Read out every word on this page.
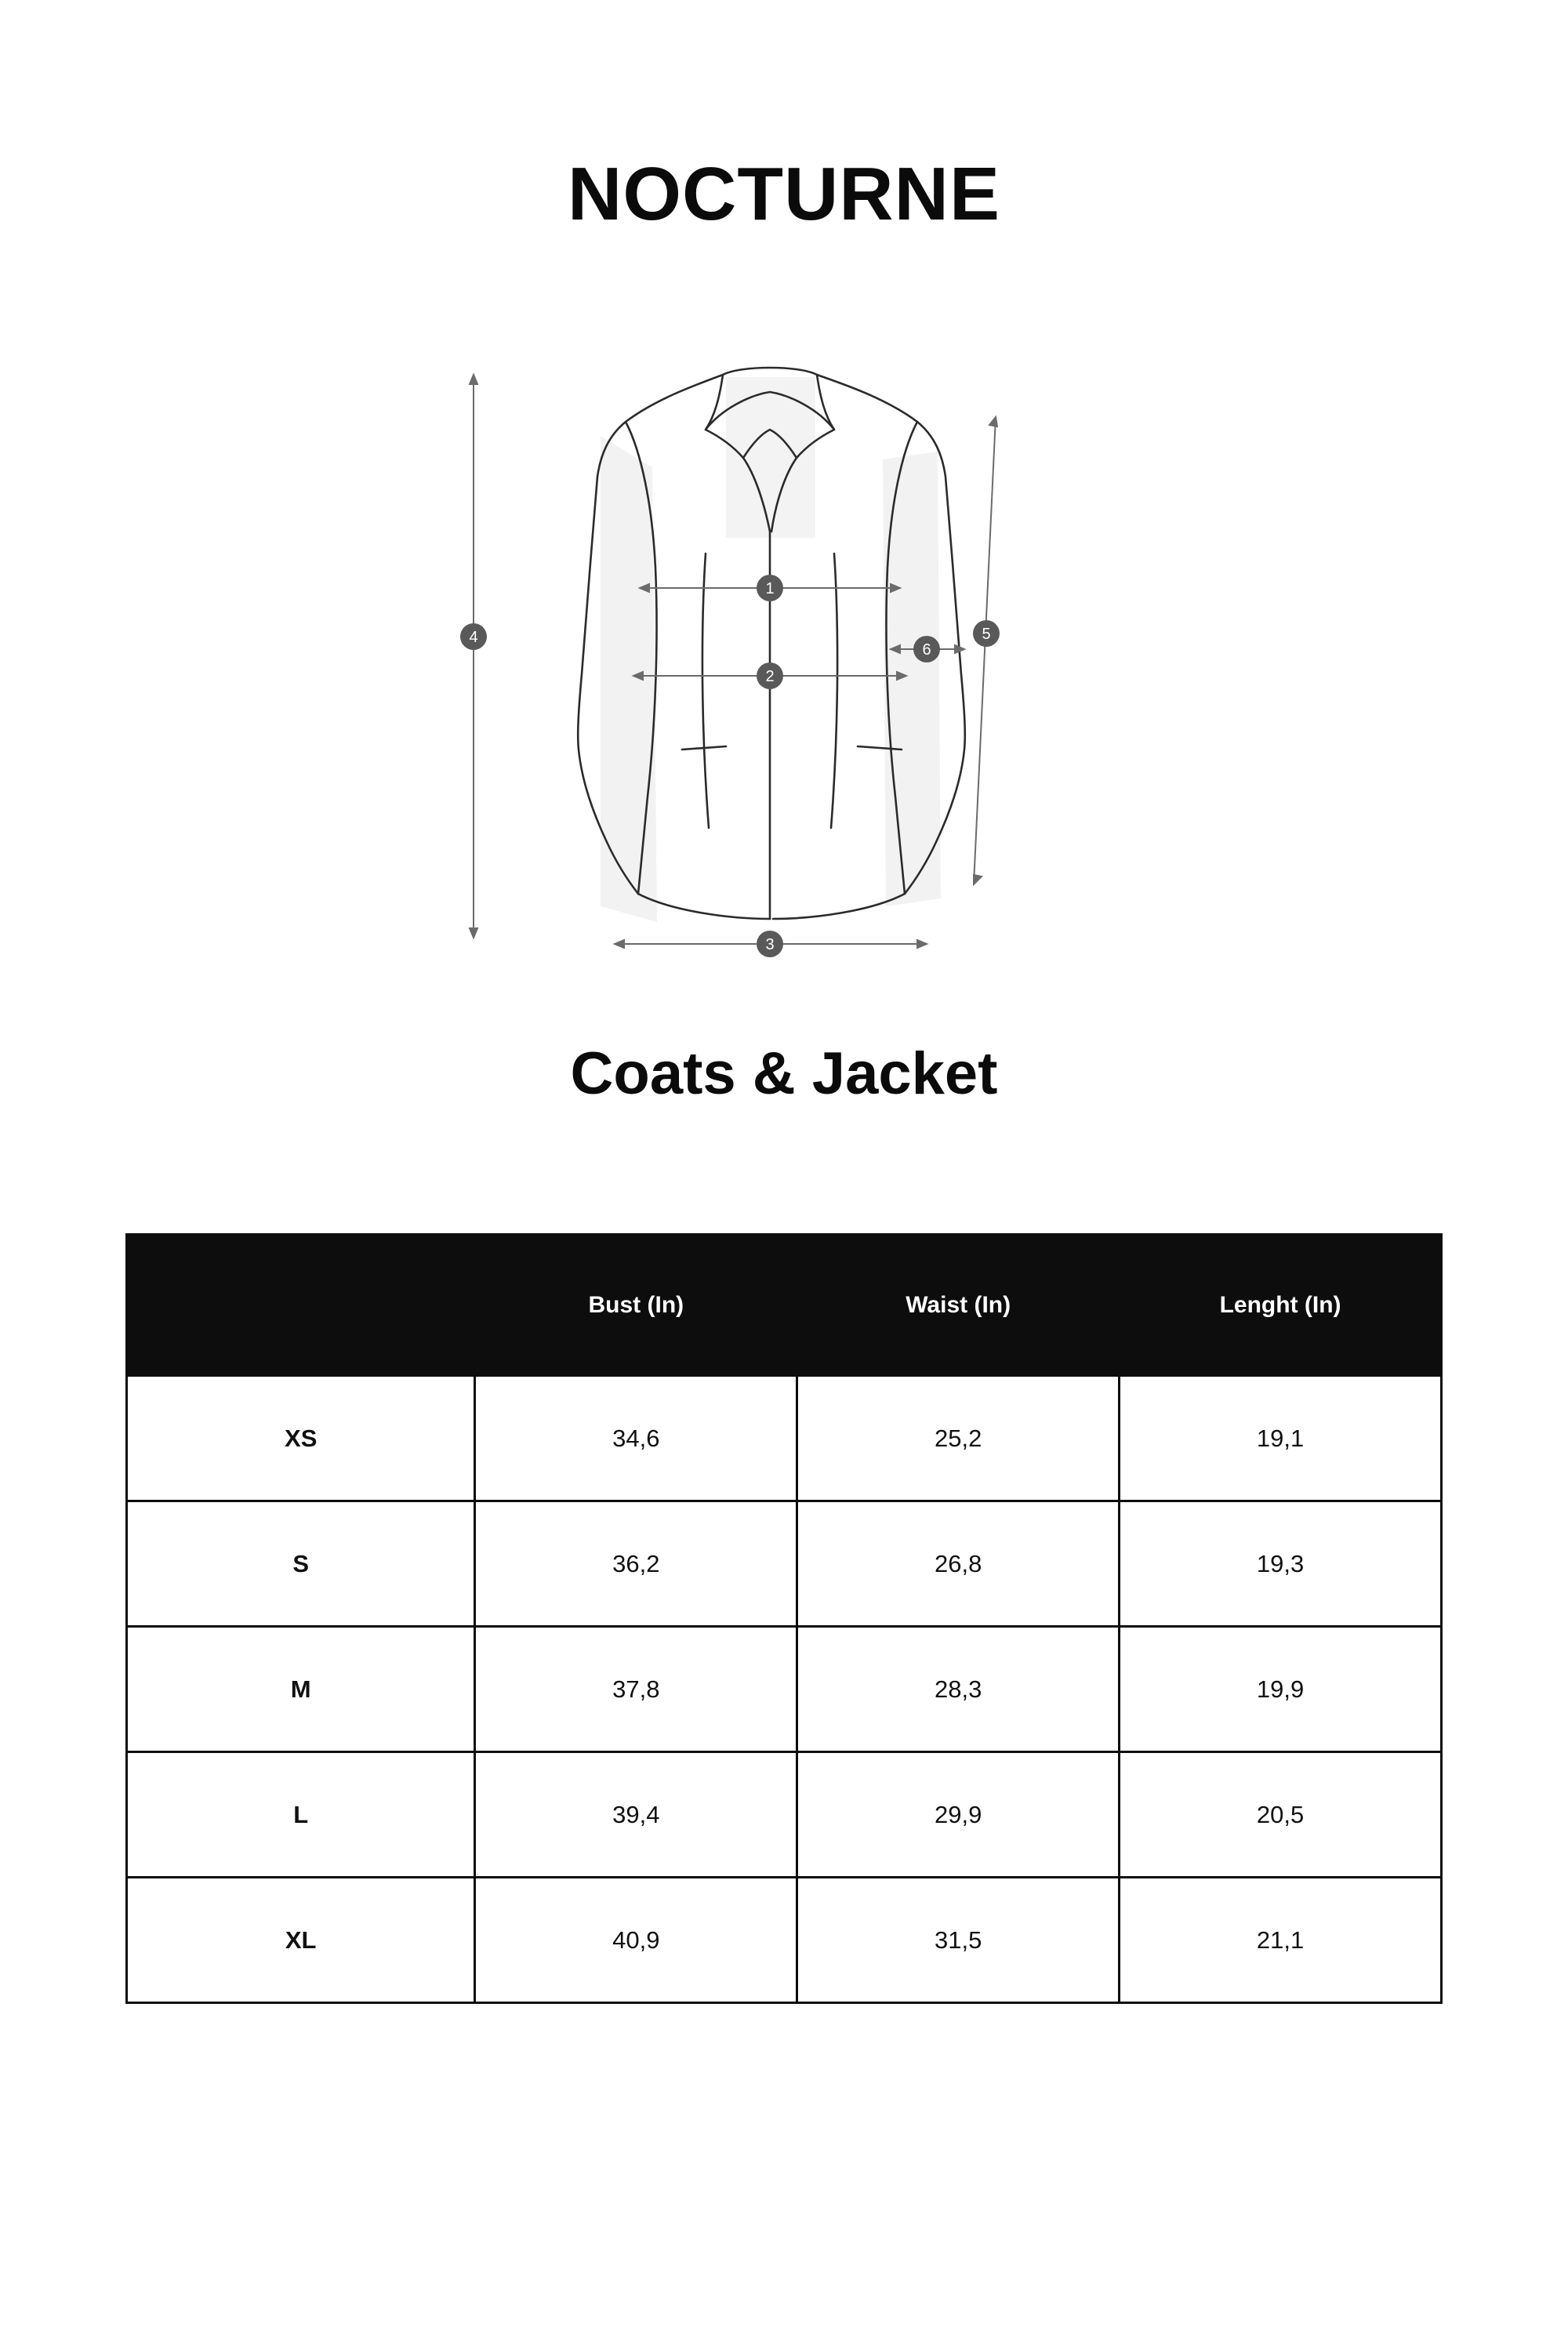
NOCTURNE
1
2
3
4	5
6
Coats & Jacket
	Bust (In)	Waist (In)	Lenght (In)
XS	34,6	25,2	19,1
S	36,2	26,8	19,3
M	37,8	28,3	19,9
L	39,4	29,9	20,5
XL	40,9	31,5	21,1
